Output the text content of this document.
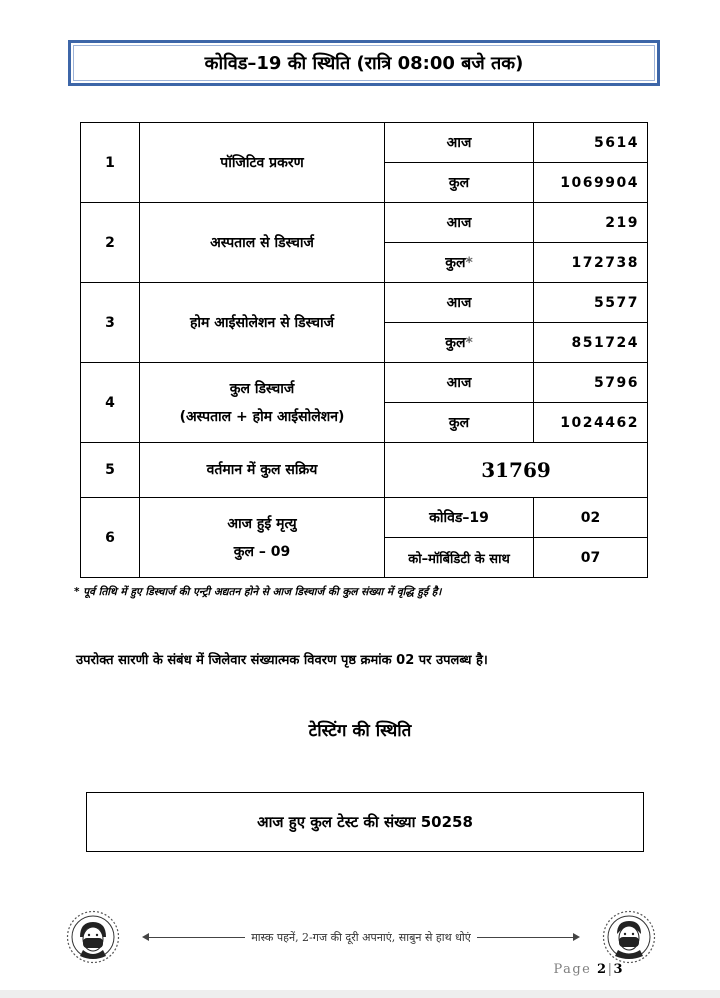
कोविड–19 की स्थिति (रात्रि 08:00 बजे तक)
1	पॉजिटिव प्रकरण	आज	5614
		कुल	1069904
2	अस्पताल से डिस्चार्ज	आज	219
		कुल*	172738
3	होम आईसोलेशन से डिस्चार्ज	आज	5577
		कुल*	851724
4	कुल डिस्चार्ज
(अस्पताल + होम आईसोलेशन)	आज	5796
		कुल	1024462
5	वर्तमान में कुल सक्रिय	31769	
6	आज हुई मृत्यु
कुल – 09	कोविड–19	02
		को–मॉर्बिडिटी के साथ	07
* पूर्व तिथि में हुए डिस्चार्ज की एन्ट्री अद्यतन होने से आज डिस्चार्ज की कुल संख्या में वृद्धि हुई है।
उपरोक्त सारणी के संबंध में जिलेवार संख्यात्मक विवरण पृष्ठ क्रमांक 02 पर उपलब्ध है।
टेस्टिंग की स्थिति
आज हुए कुल टेस्ट की संख्या 50258
मास्क पहनें, 2-गज की दूरी अपनाएं, साबुन से हाथ धोएं
Page 2|3
